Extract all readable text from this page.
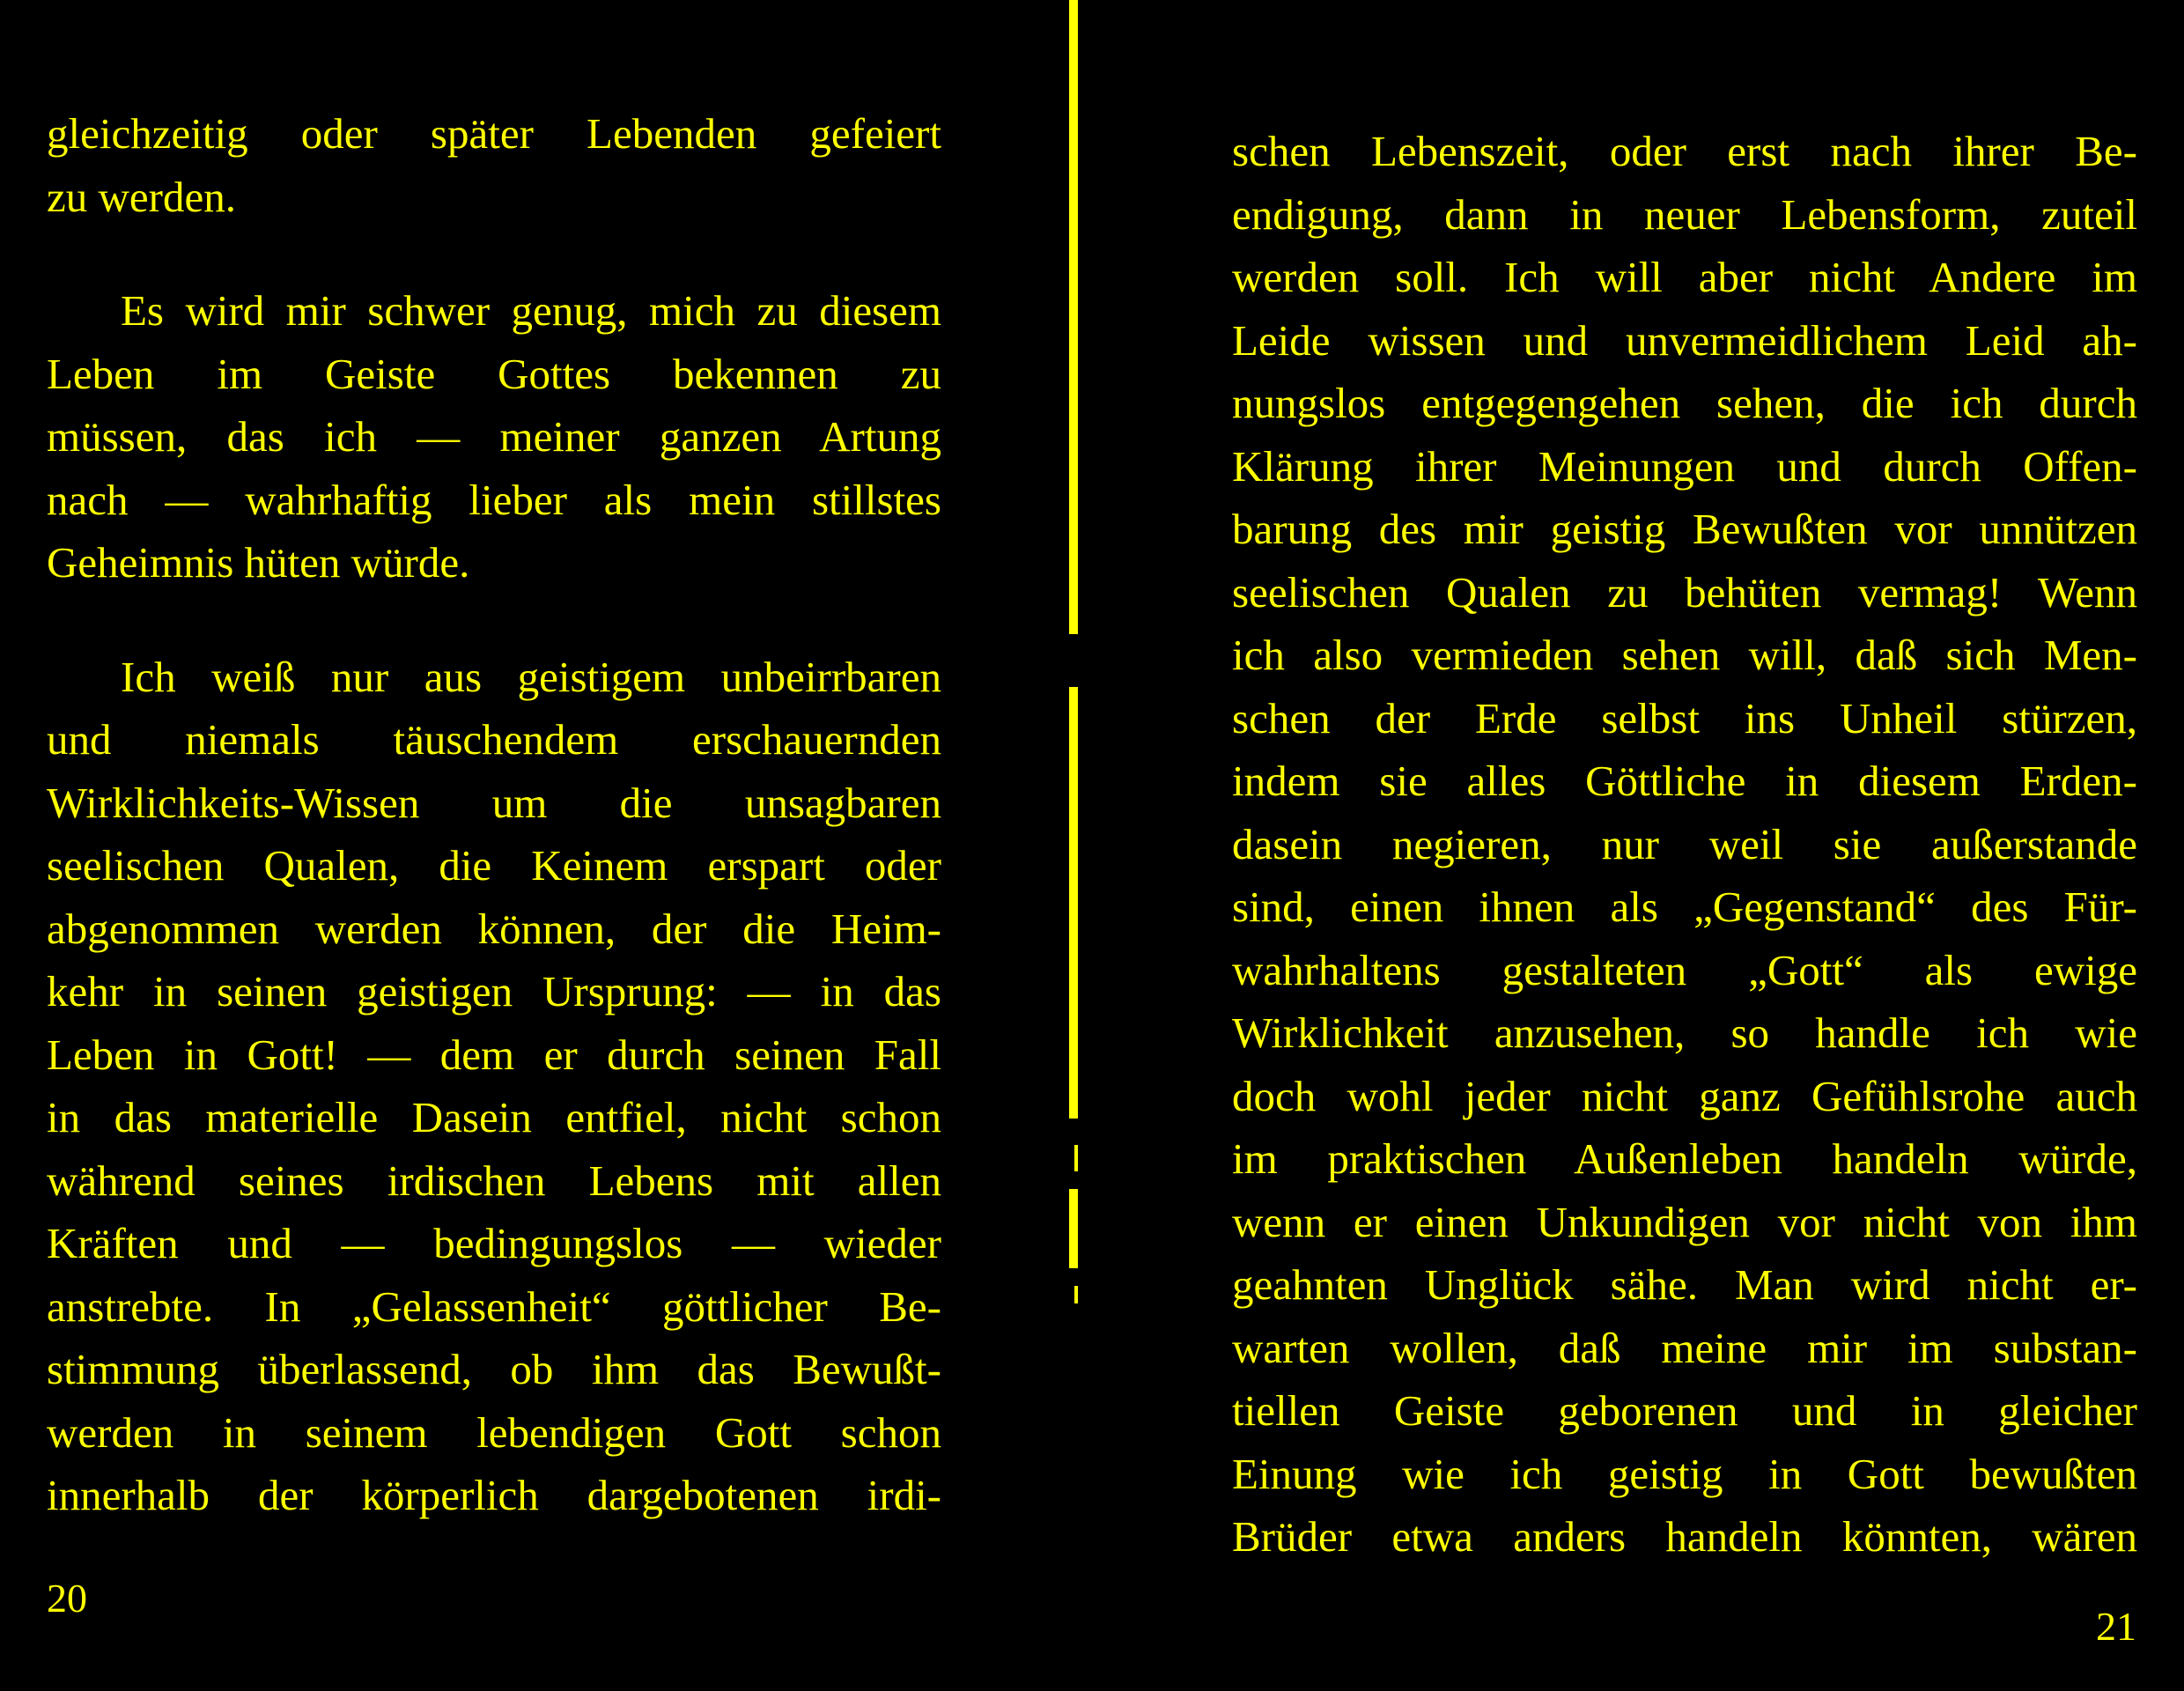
gleichzeitig oder später Lebenden gefeiert
zu werden.
Es wird mir schwer genug, mich zu diesem
Leben im Geiste Gottes bekennen zu
müssen, das ich — meiner ganzen Artung
nach — wahrhaftig lieber als mein stillstes
Geheimnis hüten würde.
Ich weiß nur aus geistigem unbeirrbaren
und niemals täuschendem erschauernden
Wirklichkeits-Wissen um die unsagbaren
seelischen Qualen, die Keinem erspart oder
abgenommen werden können, der die Heim-
kehr in seinen geistigen Ursprung: — in das
Leben in Gott! — dem er durch seinen Fall
in das materielle Dasein entfiel, nicht schon
während seines irdischen Lebens mit allen
Kräften und — bedingungslos — wieder
anstrebte. In „Gelassenheit“ göttlicher Be-
stimmung überlassend, ob ihm das Bewußt-
werden in seinem lebendigen Gott schon
innerhalb der körperlich dargebotenen irdi-
20
schen Lebenszeit, oder erst nach ihrer Be-
endigung, dann in neuer Lebensform, zuteil
werden soll. Ich will aber nicht Andere im
Leide wissen und unvermeidlichem Leid ah-
nungslos entgegengehen sehen, die ich durch
Klärung ihrer Meinungen und durch Offen-
barung des mir geistig Bewußten vor unnützen
seelischen Qualen zu behüten vermag! Wenn
ich also vermieden sehen will, daß sich Men-
schen der Erde selbst ins Unheil stürzen,
indem sie alles Göttliche in diesem Erden-
dasein negieren, nur weil sie außerstande
sind, einen ihnen als „Gegenstand“ des Für-
wahrhaltens gestalteten „Gott“ als ewige
Wirklichkeit anzusehen, so handle ich wie
doch wohl jeder nicht ganz Gefühlsrohe auch
im praktischen Außenleben handeln würde,
wenn er einen Unkundigen vor nicht von ihm
geahnten Unglück sähe. Man wird nicht er-
warten wollen, daß meine mir im substan-
tiellen Geiste geborenen und in gleicher
Einung wie ich geistig in Gott bewußten
Brüder etwa anders handeln könnten, wären
21
